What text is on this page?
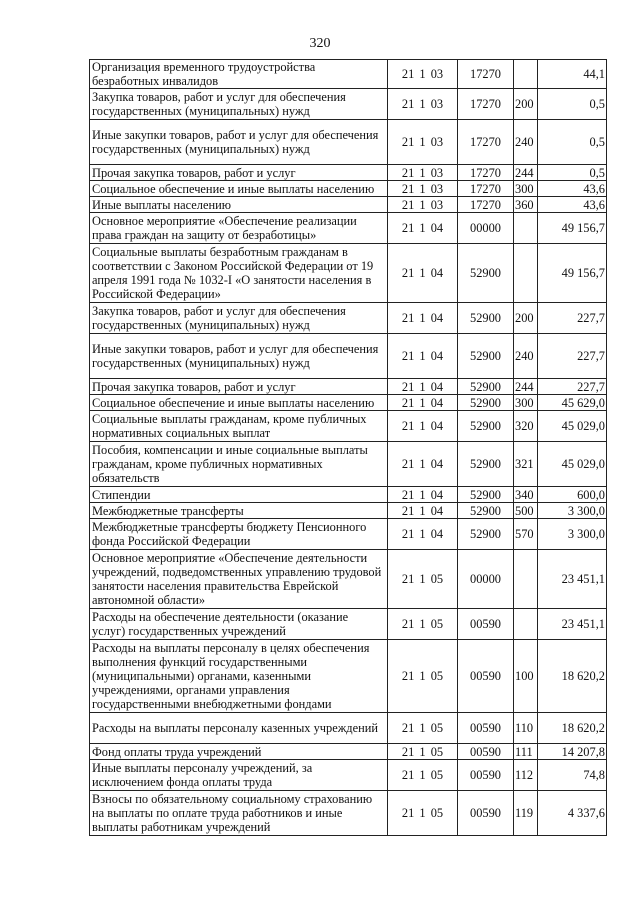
320
Организация временного трудоустройства безработных инвалидов	21 1 03	17270		44,1
Закупка товаров, работ и услуг для обеспечения государственных (муниципальных) нужд	21 1 03	17270	200	0,5
Иные закупки товаров, работ и услуг для обеспечения государственных (муниципальных) нужд	21 1 03	17270	240	0,5
Прочая закупка товаров, работ и услуг	21 1 03	17270	244	0,5
Социальное обеспечение и иные выплаты населению	21 1 03	17270	300	43,6
Иные выплаты населению	21 1 03	17270	360	43,6
Основное мероприятие «Обеспечение реализации права граждан на защиту от безработицы»	21 1 04	00000		49 156,7
Социальные выплаты безработным гражданам в соответствии с Законом Российской Федерации от 19 апреля 1991 года № 1032-I «О занятости населения в Российской Федерации»	21 1 04	52900		49 156,7
Закупка товаров, работ и услуг для обеспечения государственных (муниципальных) нужд	21 1 04	52900	200	227,7
Иные закупки товаров, работ и услуг для обеспечения государственных (муниципальных) нужд	21 1 04	52900	240	227,7
Прочая закупка товаров, работ и услуг	21 1 04	52900	244	227,7
Социальное обеспечение и иные выплаты населению	21 1 04	52900	300	45 629,0
Социальные выплаты гражданам, кроме публичных нормативных социальных выплат	21 1 04	52900	320	45 029,0
Пособия, компенсации и иные социальные выплаты гражданам, кроме публичных нормативных обязательств	21 1 04	52900	321	45 029,0
Стипендии	21 1 04	52900	340	600,0
Межбюджетные трансферты	21 1 04	52900	500	3 300,0
Межбюджетные трансферты бюджету Пенсионного фонда Российской Федерации	21 1 04	52900	570	3 300,0
Основное мероприятие «Обеспечение деятельности учреждений, подведомственных управлению трудовой занятости населения правительства Еврейской автономной области»	21 1 05	00000		23 451,1
Расходы на обеспечение деятельности (оказание услуг) государственных учреждений	21 1 05	00590		23 451,1
Расходы на выплаты персоналу в целях обеспечения выполнения функций государственными (муниципальными) органами, казенными учреждениями, органами управления государственными внебюджетными фондами	21 1 05	00590	100	18 620,2
Расходы на выплаты персоналу казенных учреждений	21 1 05	00590	110	18 620,2
Фонд оплаты труда учреждений	21 1 05	00590	111	14 207,8
Иные выплаты персоналу учреждений, за исключением фонда оплаты труда	21 1 05	00590	112	74,8
Взносы по обязательному социальному страхованию на выплаты по оплате труда работников и иные выплаты работникам учреждений	21 1 05	00590	119	4 337,6
